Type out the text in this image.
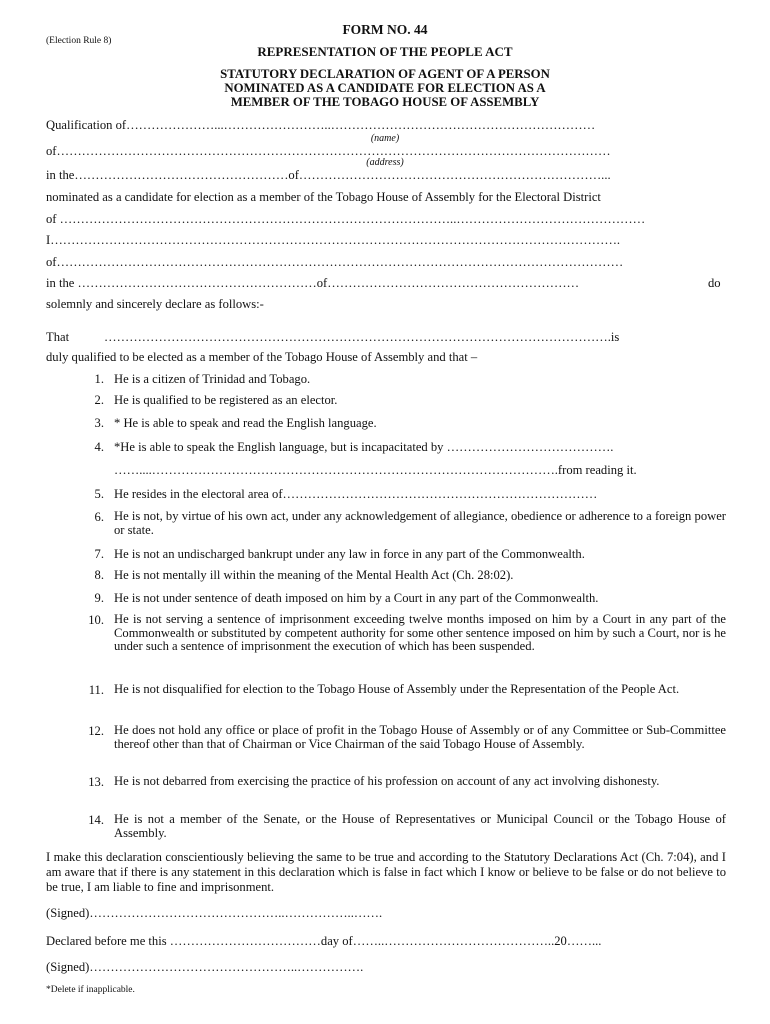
FORM NO. 44
(Election Rule 8)
REPRESENTATION OF THE PEOPLE ACT
STATUTORY DECLARATION OF AGENT OF A PERSON
NOMINATED AS A CANDIDATE FOR ELECTION AS A
MEMBER OF THE TOBAGO HOUSE OF ASSEMBLY
Qualification of…………………...……………………..………………………………………………………
(name)
of……………………………………………………………………………………………………………………
(address)
in the……………………………………………of………………………………………………………………...
nominated as a candidate for election as a member of the Tobago House of Assembly for the Electoral District
of …………………………………………………………………………………..………………………………………
I……………………………………………………………………………………………………………………….
of………………………………………………………………………………………………………………………
in the …………………………………………………of……………………………………………………	do
solemnly and sincerely declare as follows:-
That	………………………………………………………………………………………………………….is
duly qualified to be elected as a member of the Tobago House of Assembly and that –
1. He is a citizen of Trinidad and Tobago.
2. He is qualified to be registered as an elector.
3. * He is able to speak and read the English language.
4. *He is able to speak the English language, but is incapacitated by ………………………………….
……....…………………………………………………………………………………….from reading it.
5. He resides in the electoral area of…………………………………………………………………
6. He is not, by virtue of his own act, under any acknowledgement of allegiance, obedience or adherence to a foreign power or state.
7. He is not an undischarged bankrupt under any law in force in any part of the Commonwealth.
8. He is not mentally ill within the meaning of the Mental Health Act (Ch. 28:02).
9. He is not under sentence of death imposed on him by a Court in any part of the Commonwealth.
10. He is not serving a sentence of imprisonment exceeding twelve months imposed on him by a Court in any part of the Commonwealth or substituted by competent authority for some other sentence imposed on him by such a Court, nor is he under such a sentence of imprisonment the execution of which has been suspended.
11. He is not disqualified for election to the Tobago House of Assembly under the Representation of the People Act.
12. He does not hold any office or place of profit in the Tobago House of Assembly or of any Committee or Sub-Committee thereof other than that of Chairman or Vice Chairman of the said Tobago House of Assembly.
13. He is not debarred from exercising the practice of his profession on account of any act involving dishonesty.
14. He is not a member of the Senate, or the House of Representatives or Municipal Council or the Tobago House of Assembly.
I make this declaration conscientiously believing the same to be true and according to the Statutory Declarations Act (Ch. 7:04), and I am aware that if there is any statement in this declaration which is false in fact which I know or believe to be false or do not believe to be true, I am liable to fine and imprisonment.
(Signed)………………………………………..……………..…….
Declared before me this ………………………………day of……..…………………………………..20……...
(Signed)…………………………………………..…………….
*Delete if inapplicable.
